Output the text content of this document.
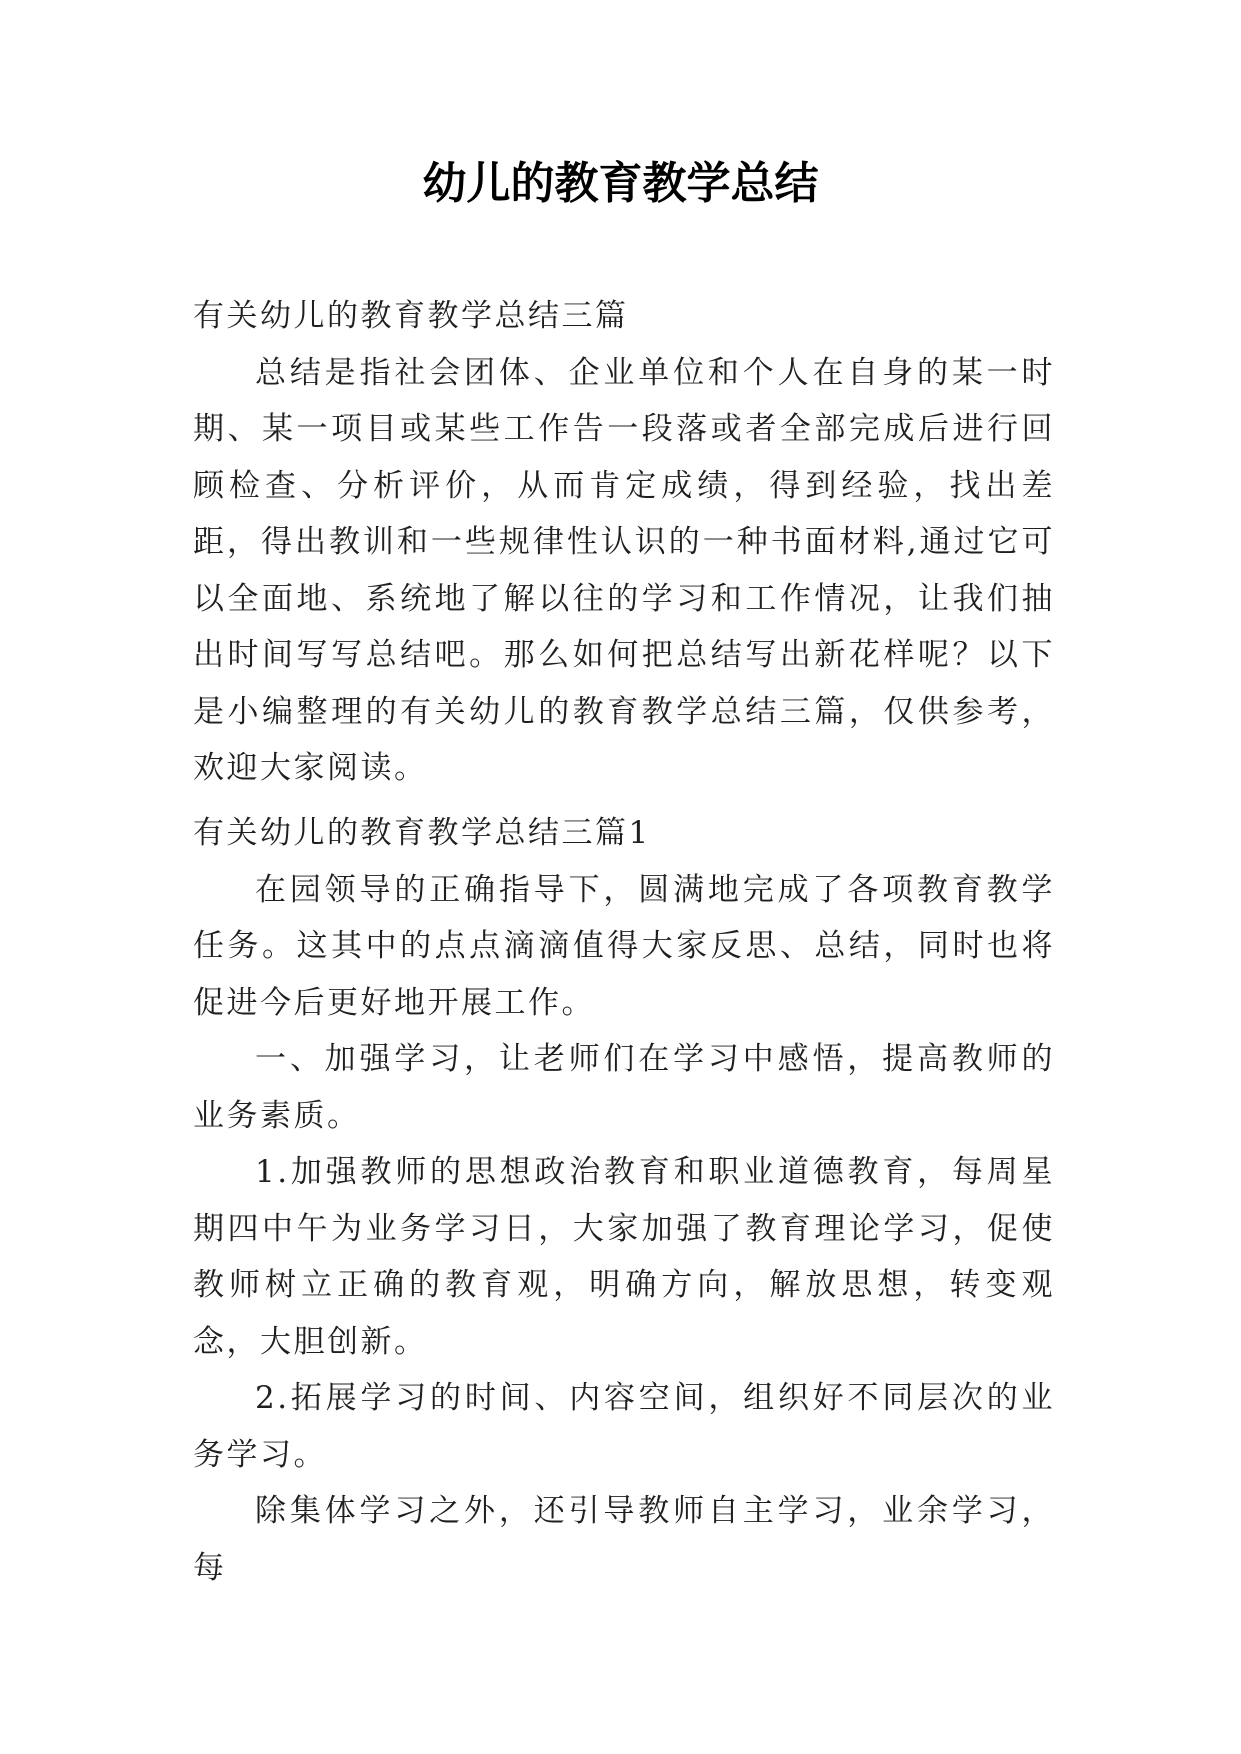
幼儿的教育教学总结

有关幼儿的教育教学总结三篇

总结是指社会团体、企业单位和个人在自身的某一时期、某一项目或某些工作告一段落或者全部完成后进行回顾检查、分析评价，从而肯定成绩，得到经验，找出差距，得出教训和一些规律性认识的一种书面材料,通过它可以全面地、系统地了解以往的学习和工作情况，让我们抽出时间写写总结吧。那么如何把总结写出新花样呢？以下是小编整理的有关幼儿的教育教学总结三篇，仅供参考，欢迎大家阅读。

有关幼儿的教育教学总结三篇1

在园领导的正确指导下，圆满地完成了各项教育教学任务。这其中的点点滴滴值得大家反思、总结，同时也将促进今后更好地开展工作。

一、加强学习，让老师们在学习中感悟，提高教师的业务素质。

1.加强教师的思想政治教育和职业道德教育，每周星期四中午为业务学习日，大家加强了教育理论学习，促使教师树立正确的教育观，明确方向，解放思想，转变观念，大胆创新。

2.拓展学习的时间、内容空间，组织好不同层次的业务学习。

除集体学习之外，还引导教师自主学习，业余学习，每
